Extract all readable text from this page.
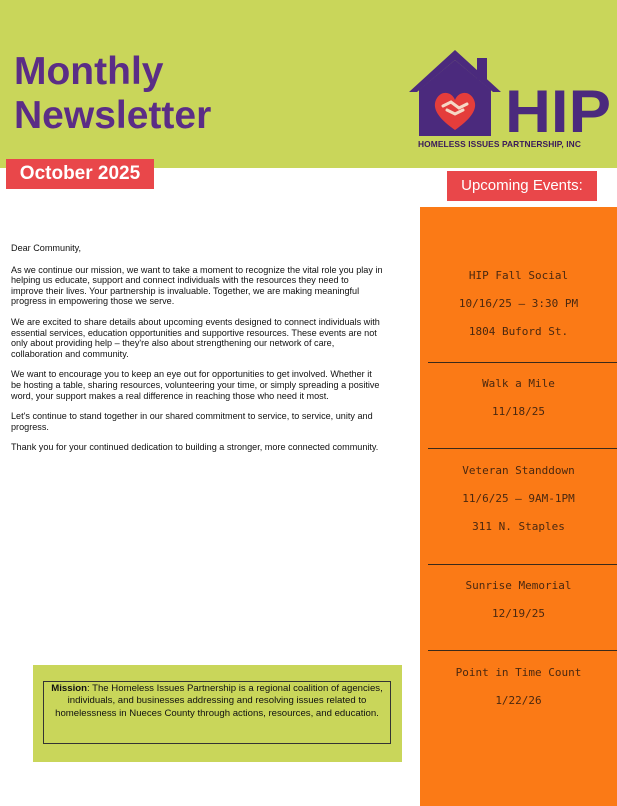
Monthly
Newsletter
October 2025
HIP
HOMELESS ISSUES PARTNERSHIP, INC
Upcoming Events:
HIP Fall Social
10/16/25 – 3:30 PM
1804 Buford St.
Walk a Mile
11/18/25
Veteran Standdown
11/6/25 – 9AM-1PM
311 N. Staples
Sunrise Memorial
12/19/25
Point in Time Count
1/22/26

Dear Community,

As we continue our mission, we want to take a moment to recognize the vital role you play in helping us educate, support and connect individuals with the resources they need to improve their lives. Your partnership is invaluable. Together, we are making meaningful progress in empowering those we serve.

We are excited to share details about upcoming events designed to connect individuals with essential services, education opportunities and supportive resources. These events are not only about providing help – they're also about strengthening our network of care, collaboration and community.

We want to encourage you to keep an eye out for opportunities to get involved. Whether it be hosting a table, sharing resources, volunteering your time, or simply spreading a positive word, your support makes a real difference in reaching those who need it most.

Let's continue to stand together in our shared commitment to service, to service, unity and progress.

Thank you for your continued dedication to building a stronger, more connected community.

Mission: The Homeless Issues Partnership is a regional coalition of agencies, individuals, and businesses addressing and resolving issues related to homelessness in Nueces County through actions, resources, and education.
